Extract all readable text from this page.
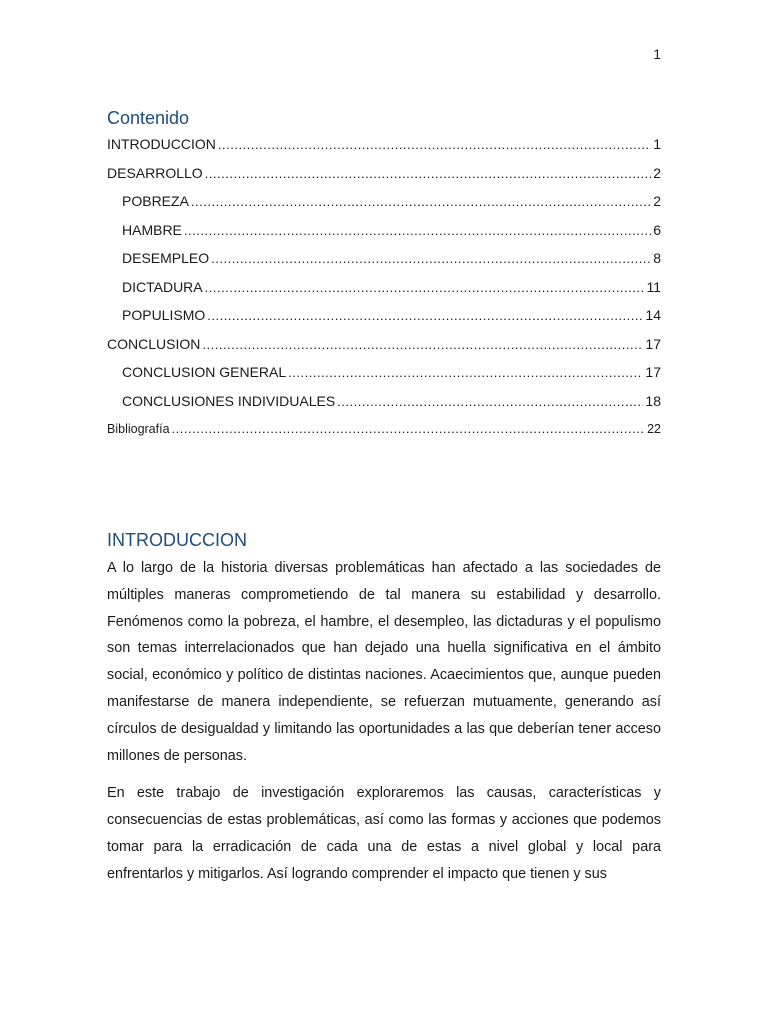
1
Contenido
INTRODUCCION .....	1
DESARROLLO .....	2
POBREZA .....	2
HAMBRE .....	6
DESEMPLEO .....	8
DICTADURA .....	11
POPULISMO .....	14
CONCLUSION .....	17
CONCLUSION GENERAL .....	17
CONCLUSIONES INDIVIDUALES .....	18
Bibliografía .....	22
INTRODUCCION

A lo largo de la historia diversas problemáticas han afectado a las sociedades de múltiples maneras comprometiendo de tal manera su estabilidad y desarrollo. Fenómenos como la pobreza, el hambre, el desempleo, las dictaduras y el populismo son temas interrelacionados que han dejado una huella significativa en el ámbito social, económico y político de distintas naciones. Acaecimientos que, aunque pueden manifestarse de manera independiente, se refuerzan mutuamente, generando así círculos de desigualdad y limitando las oportunidades a las que deberían tener acceso millones de personas.

En este trabajo de investigación exploraremos las causas, características y consecuencias de estas problemáticas, así como las formas y acciones que podemos tomar para la erradicación de cada una de estas a nivel global y local para enfrentarlos y mitigarlos. Así logrando comprender el impacto que tienen y sus
